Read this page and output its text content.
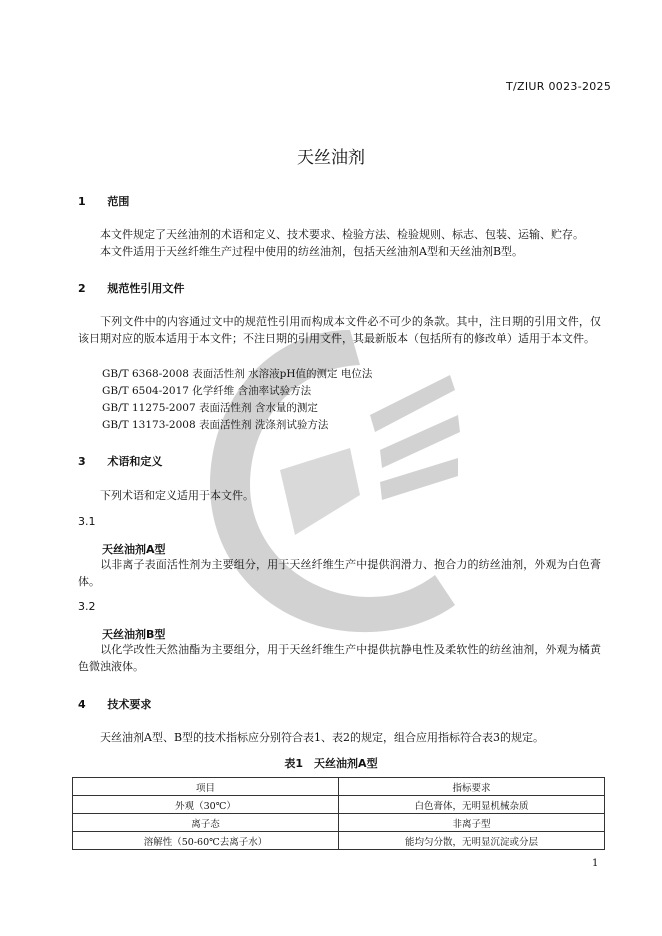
T/ZIUR 0023-2025
天丝油剂
1 范围
本文件规定了天丝油剂的术语和定义、技术要求、检验方法、检验规则、标志、包装、运输、贮存。
本文件适用于天丝纤维生产过程中使用的纺丝油剂，包括天丝油剂A型和天丝油剂B型。
2 规范性引用文件
下列文件中的内容通过文中的规范性引用而构成本文件必不可少的条款。其中，注日期的引用文件，仅该日期对应的版本适用于本文件；不注日期的引用文件，其最新版本（包括所有的修改单）适用于本文件。
GB/T 6368-2008 表面活性剂 水溶液pH值的测定 电位法
GB/T 6504-2017 化学纤维 含油率试验方法
GB/T 11275-2007 表面活性剂 含水量的测定
GB/T 13173-2008 表面活性剂 洗涤剂试验方法
3 术语和定义
下列术语和定义适用于本文件。
3.1
天丝油剂A型
以非离子表面活性剂为主要组分，用于天丝纤维生产中提供润滑力、抱合力的纺丝油剂，外观为白色膏体。
3.2
天丝油剂B型
以化学改性天然油酯为主要组分，用于天丝纤维生产中提供抗静电性及柔软性的纺丝油剂，外观为橘黄色微浊液体。
4 技术要求
天丝油剂A型、B型的技术指标应分别符合表1、表2的规定，组合应用指标符合表3的规定。
表1　天丝油剂A型
项目	指标要求
外观（30℃）	白色膏体，无明显机械杂质
离子态	非离子型
溶解性（50-60℃去离子水）	能均匀分散，无明显沉淀或分层
1
